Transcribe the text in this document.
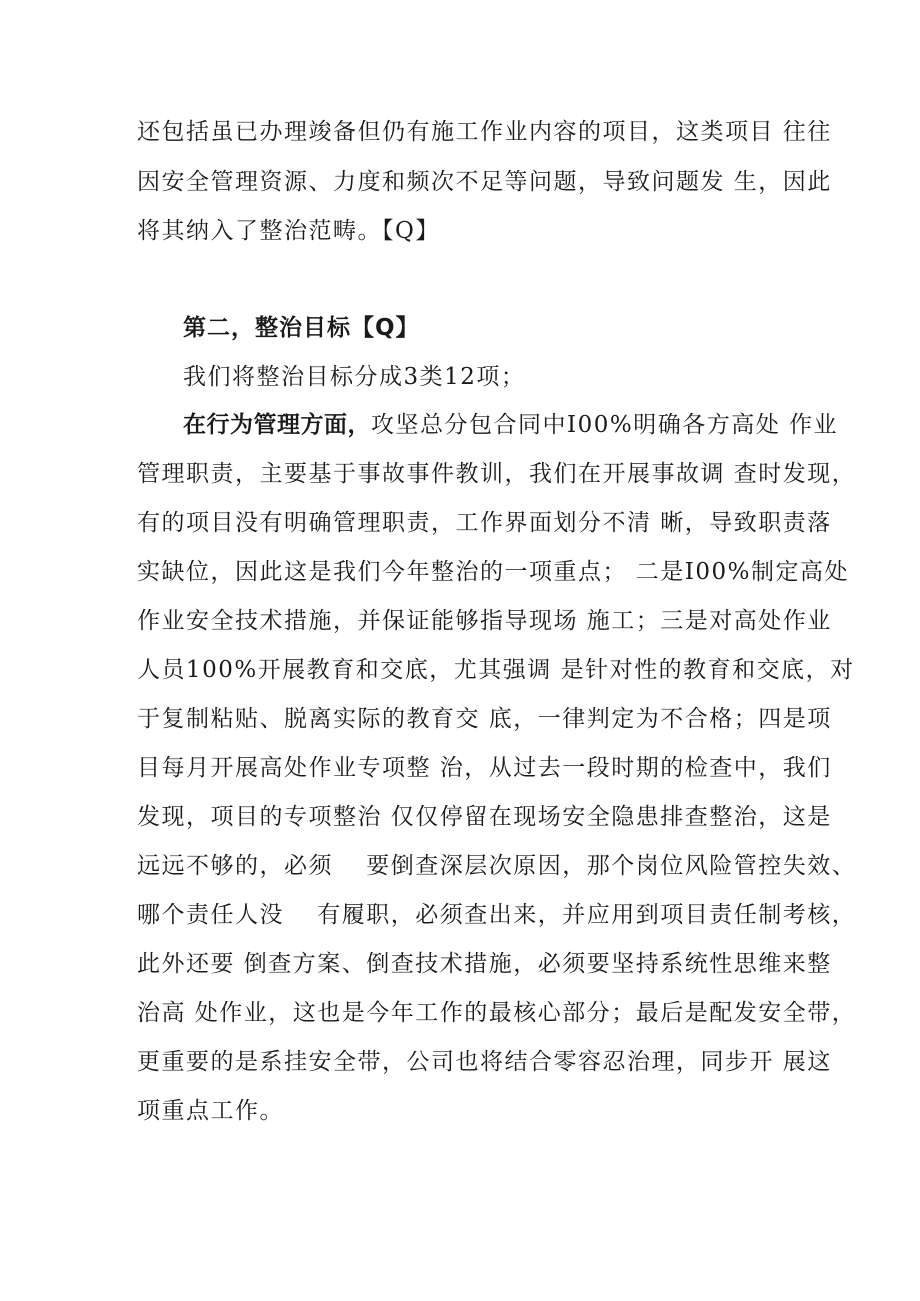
还包括虽已办理竣备但仍有施工作业内容的项目，这类项目 往往

因安全管理资源、力度和频次不足等问题，导致问题发 生，因此

将其纳入了整治范畴。【Q】

第二，整治目标【Q】

我们将整治目标分成3类12项；

在行为管理方面，攻坚总分包合同中I00%明确各方高处 作业

管理职责，主要基于事故事件教训，我们在开展事故调 查时发现，

有的项目没有明确管理职责，工作界面划分不清 晰，导致职责落

实缺位，因此这是我们今年整治的一项重点； 二是I00%制定高处

作业安全技术措施，并保证能够指导现场 施工；三是对高处作业

人员100%开展教育和交底，尤其强调 是针对性的教育和交底，对

于复制粘贴、脱离实际的教育交 底，一律判定为不合格；四是项

目每月开展高处作业专项整 治，从过去一段时期的检查中，我们

发现，项目的专项整治 仅仅停留在现场安全隐患排查整治，这是

远远不够的，必须　 要倒查深层次原因，那个岗位风险管控失效、

哪个责任人没　 有履职，必须查出来，并应用到项目责任制考核，

此外还要 倒查方案、倒查技术措施，必须要坚持系统性思维来整

治高 处作业，这也是今年工作的最核心部分；最后是配发安全带，

更重要的是系挂安全带，公司也将结合零容忍治理，同步开 展这

项重点工作。
